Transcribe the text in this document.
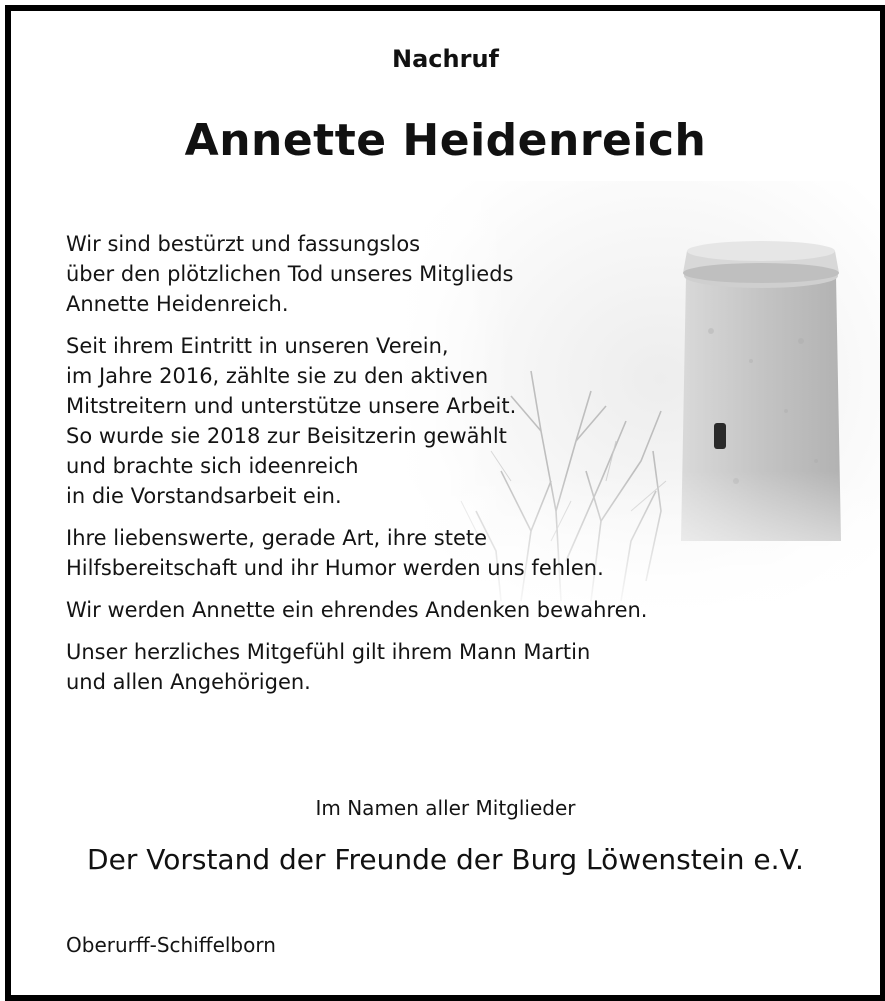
Nachruf
Annette Heidenreich

Wir sind bestürzt und fassungslos
über den plötzlichen Tod unseres Mitglieds
Annette Heidenreich.

Seit ihrem Eintritt in unseren Verein,
im Jahre 2016, zählte sie zu den aktiven
Mitstreitern und unterstütze unsere Arbeit.
So wurde sie 2018 zur Beisitzerin gewählt
und brachte sich ideenreich
in die Vorstandsarbeit ein.

Ihre liebenswerte, gerade Art, ihre stete
Hilfsbereitschaft und ihr Humor werden uns fehlen.

Wir werden Annette ein ehrendes Andenken bewahren.

Unser herzliches Mitgefühl gilt ihrem Mann Martin
und allen Angehörigen.

Im Namen aller Mitglieder
Der Vorstand der Freunde der Burg Löwenstein e.V.
Oberurff-Schiffelborn
